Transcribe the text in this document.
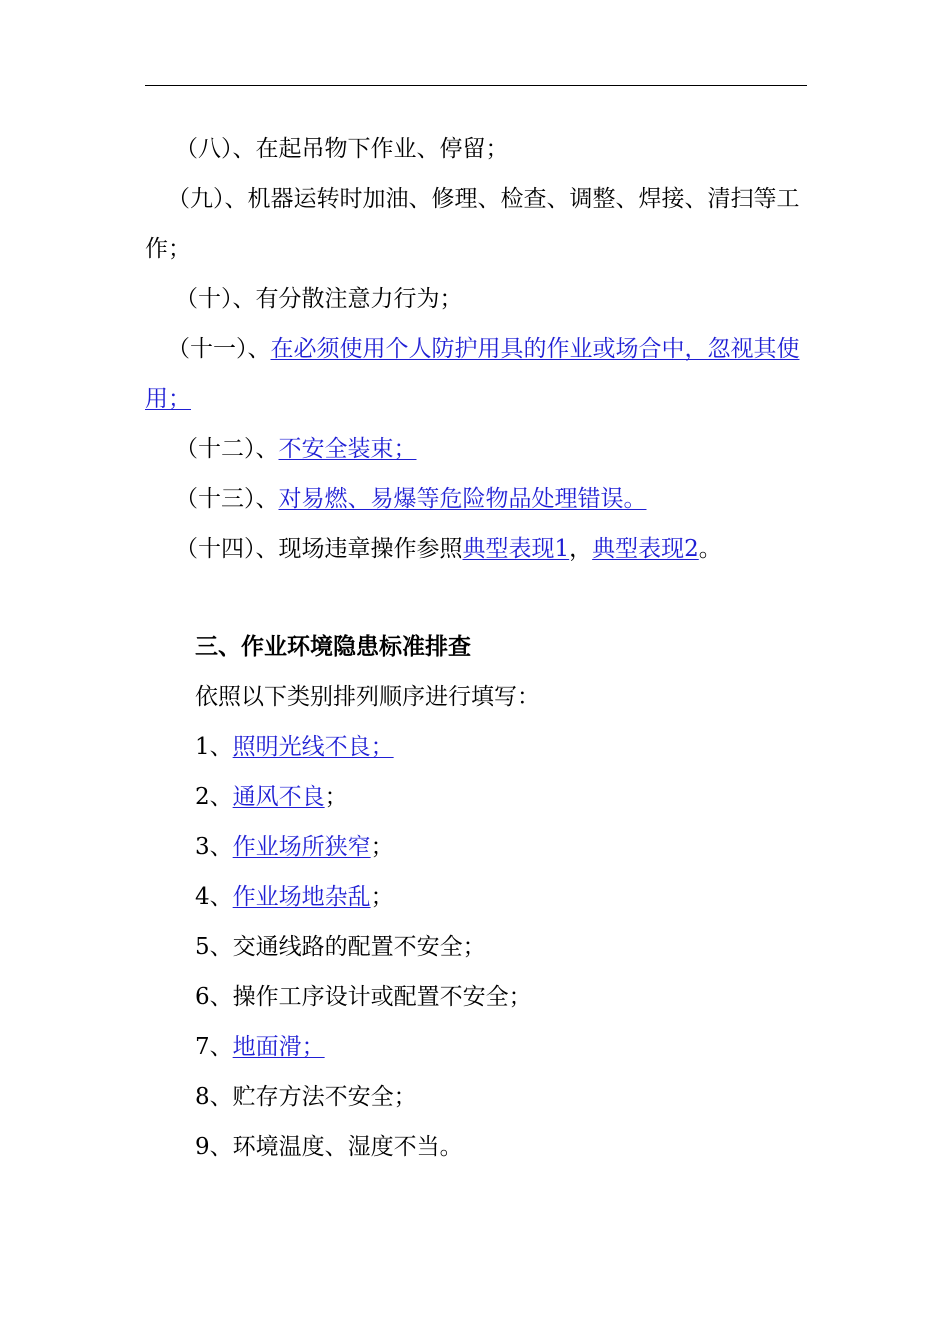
（八）、在起吊物下作业、停留；
（九）、机器运转时加油、修理、检查、调整、焊接、清扫等工作；
（十）、有分散注意力行为；
（十一）、在必须使用个人防护用具的作业或场合中，忽视其使用；
（十二）、不安全装束；
（十三）、对易燃、易爆等危险物品处理错误。
（十四）、现场违章操作参照典型表现1，典型表现2。
三、作业环境隐患标准排查
依照以下类别排列顺序进行填写：
1、照明光线不良；
2、通风不良；
3、作业场所狭窄；
4、作业场地杂乱；
5、交通线路的配置不安全；
6、操作工序设计或配置不安全；
7、地面滑；
8、贮存方法不安全；
9、环境温度、湿度不当。
